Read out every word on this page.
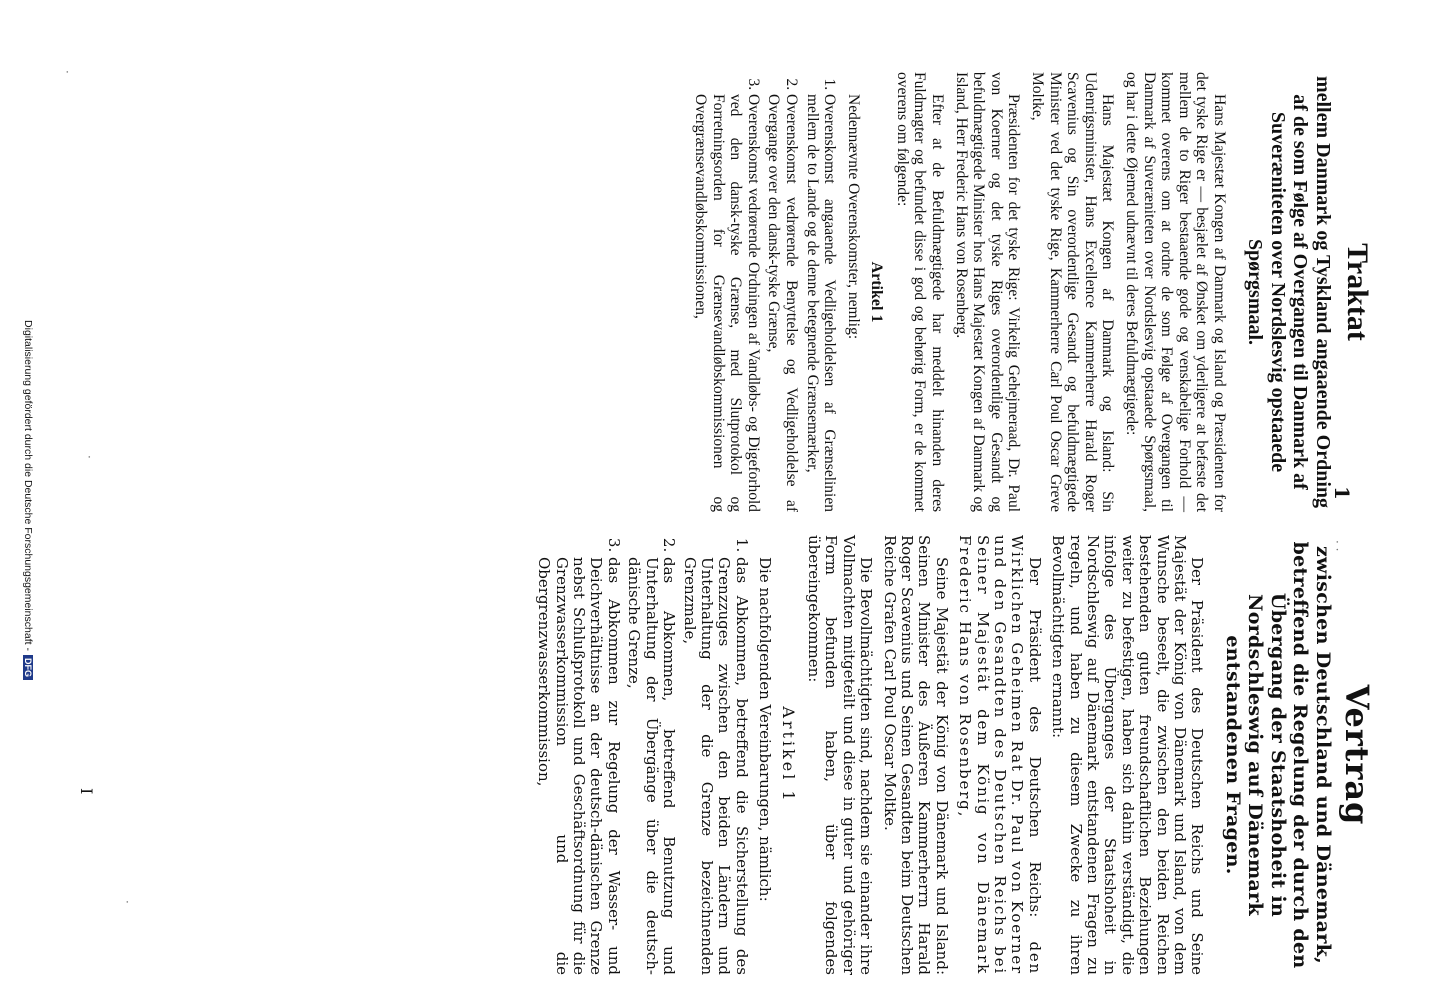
Vertrag
zwischen Deutschland und Dänemark, betreffend die Regelung der durch den Übergang der Staatshoheit in Nordschleswig auf Dänemark entstandenen Fragen.

Der Präsident des Deutschen Reichs und Seine Majestät der König von Dänemark und Island, von dem Wunsche beseelt, die zwischen den beiden Reichen bestehenden guten freundschaftlichen Beziehungen weiter zu befestigen, haben sich dahin verständigt, die infolge des Überganges der Staatshoheit in Nordschleswig auf Dänemark entstandenen Fragen zu regeln, und haben zu diesem Zwecke zu ihren Bevollmächtigten ernannt:

Der Präsident des Deutschen Reichs: den Wirklichen Geheimen Rat Dr. Paul von Koerner und den Gesandten des Deutschen Reichs bei Seiner Majestät dem König von Dänemark Frederic Hans von Rosenberg,

Seine Majestät der König von Dänemark und Island: Seinen Minister des Äußeren Kammerherrn Harald Roger Scavenius und Seinen Gesandten beim Deutschen Reiche Grafen Carl Poul Oscar Moltke.

Die Bevollmächtigten sind, nachdem sie einander ihre Vollmachten mitgeteilt und diese in guter und gehöriger Form befunden haben, über folgendes übereingekommen:

Artikel 1

Die nachfolgenden Vereinbarungen, nämlich:

1. das Abkommen, betreffend die Sicherstellung des Grenzzuges zwischen den beiden Ländern und Unterhaltung der die Grenze bezeichnenden Grenzmale,
2. das Abkommen, betreffend Benutzung und Unterhaltung der Übergänge über die deutsch-dänische Grenze,
3. das Abkommen zur Regelung der Wasser- und Deichverhältnisse an der deutsch-dänischen Grenze nebst Schlußprotokoll und Geschäftsordnung für die Grenzwasserkommission und die Obergrenzwasserkommission,
Traktat
mellem Danmark og Tyskland angaaende Ordning af de som Følge af Overgangen til Danmark af Suveræniteten over Nordslesvig opstaaede Spørgsmaal.

Hans Majestæt Kongen af Danmark og Island og Præsidenten for det tyske Rige er — besjælet af Ønsket om yderligere at befæste det mellem de to Riger bestaaende gode og venskabelige Forhold — kommet overens om at ordne de som Følge af Overgangen til Danmark af Suveræniteten over Nordslesvig opstaaede Spørgsmaal, og har i dette Øjemed udnævnt til deres Befuldmægtigede:

Hans Majestæt Kongen af Danmark og Island: Sin Udenrigsminister, Hans Excellence Kammerherre Harald Roger Scavenius og Sin overordentlige Gesandt og befuldmægtigede Minister ved det tyske Rige, Kammerherre Carl Poul Oscar Greve Moltke,

Præsidenten for det tyske Rige: Virkelig Gehejmeraad, Dr. Paul von Koerner og det tyske Riges overordentlige Gesandt og befuldmægtigede Minister hos Hans Majestæt Kongen af Danmark og Island, Herr Frederic Hans von Rosenberg.

Efter at de Befuldmægtigede har meddelt hinanden deres Fuldmagter og befundet disse i god og behørig Form, er de kommet overens om følgende:

Artikel 1

Nedennævnte Overenskomster, nemlig:

1. Overenskomst angaaende Vedligeholdelsen af Grænselinien mellem de to Lande og de denne betegnende Grænsemærker,
2. Overenskomst vedrørende Benyttelse og Vedligeholdelse af Overgange over den dansk-tyske Grænse,
3. Overenskomst vedrørende Ordningen af Vandløbs- og Digeforhold ved den dansk-tyske Grænse, med Slutprotokol og Forretningsorden for Grænsevandløbskommissionen og Overgrænsevandløbskommissionen,
1
I
·
·
·
· ·
Digitalisierung gefördert durch die Deutsche Forschungsgemeinschaft -DFG
